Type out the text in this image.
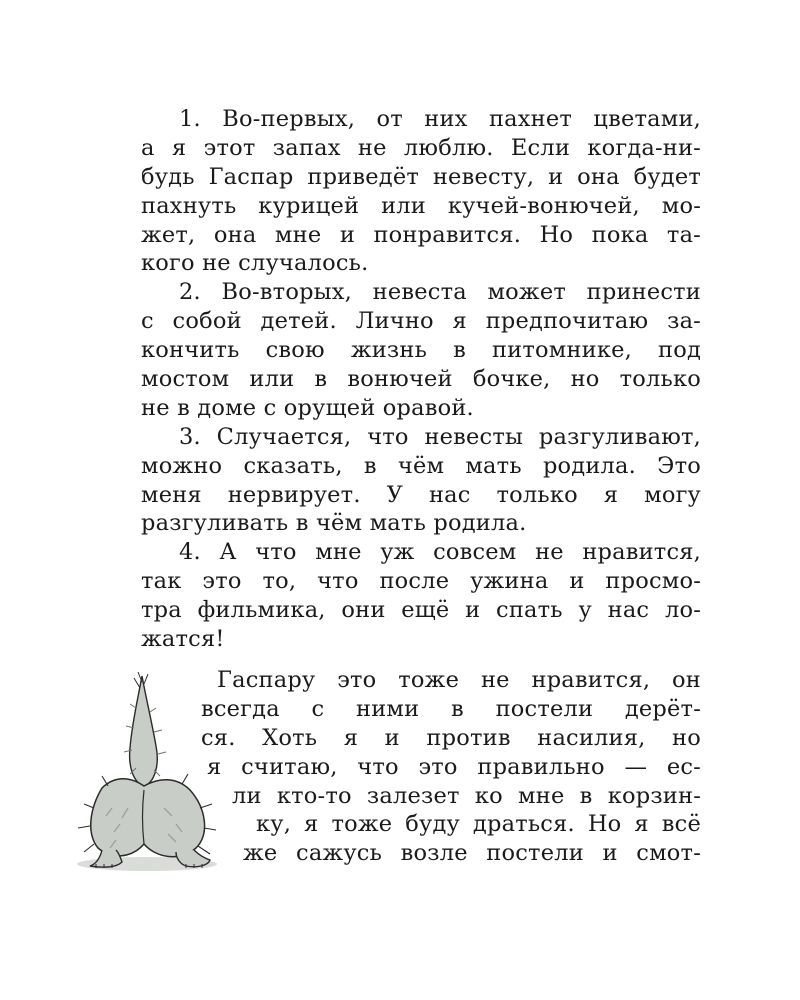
1. Во-первых, от них пахнет цветами,
а я этот запах не люблю. Если когда-ни-
будь Гаспар приведёт невесту, и она будет
пахнуть курицей или кучей-вонючей, мо-
жет, она мне и понравится. Но пока та-
кого не случалось.
2. Во-вторых, невеста может принести
с собой детей. Лично я предпочитаю за-
кончить свою жизнь в питомнике, под
мостом или в вонючей бочке, но только
не в доме с орущей оравой.
3. Случается, что невесты разгуливают,
можно сказать, в чём мать родила. Это
меня нервирует. У нас только я могу
разгуливать в чём мать родила.
4. А что мне уж совсем не нравится,
так это то, что после ужина и просмо-
тра фильмика, они ещё и спать у нас ло-
жатся!
Гаспару это тоже не нравится, он
всегда с ними в постели дерёт-
ся. Хоть я и против насилия, но
я считаю, что это правильно — ес-
ли кто-то залезет ко мне в корзин-
ку, я тоже буду драться. Но я всё
же сажусь возле постели и смот-
